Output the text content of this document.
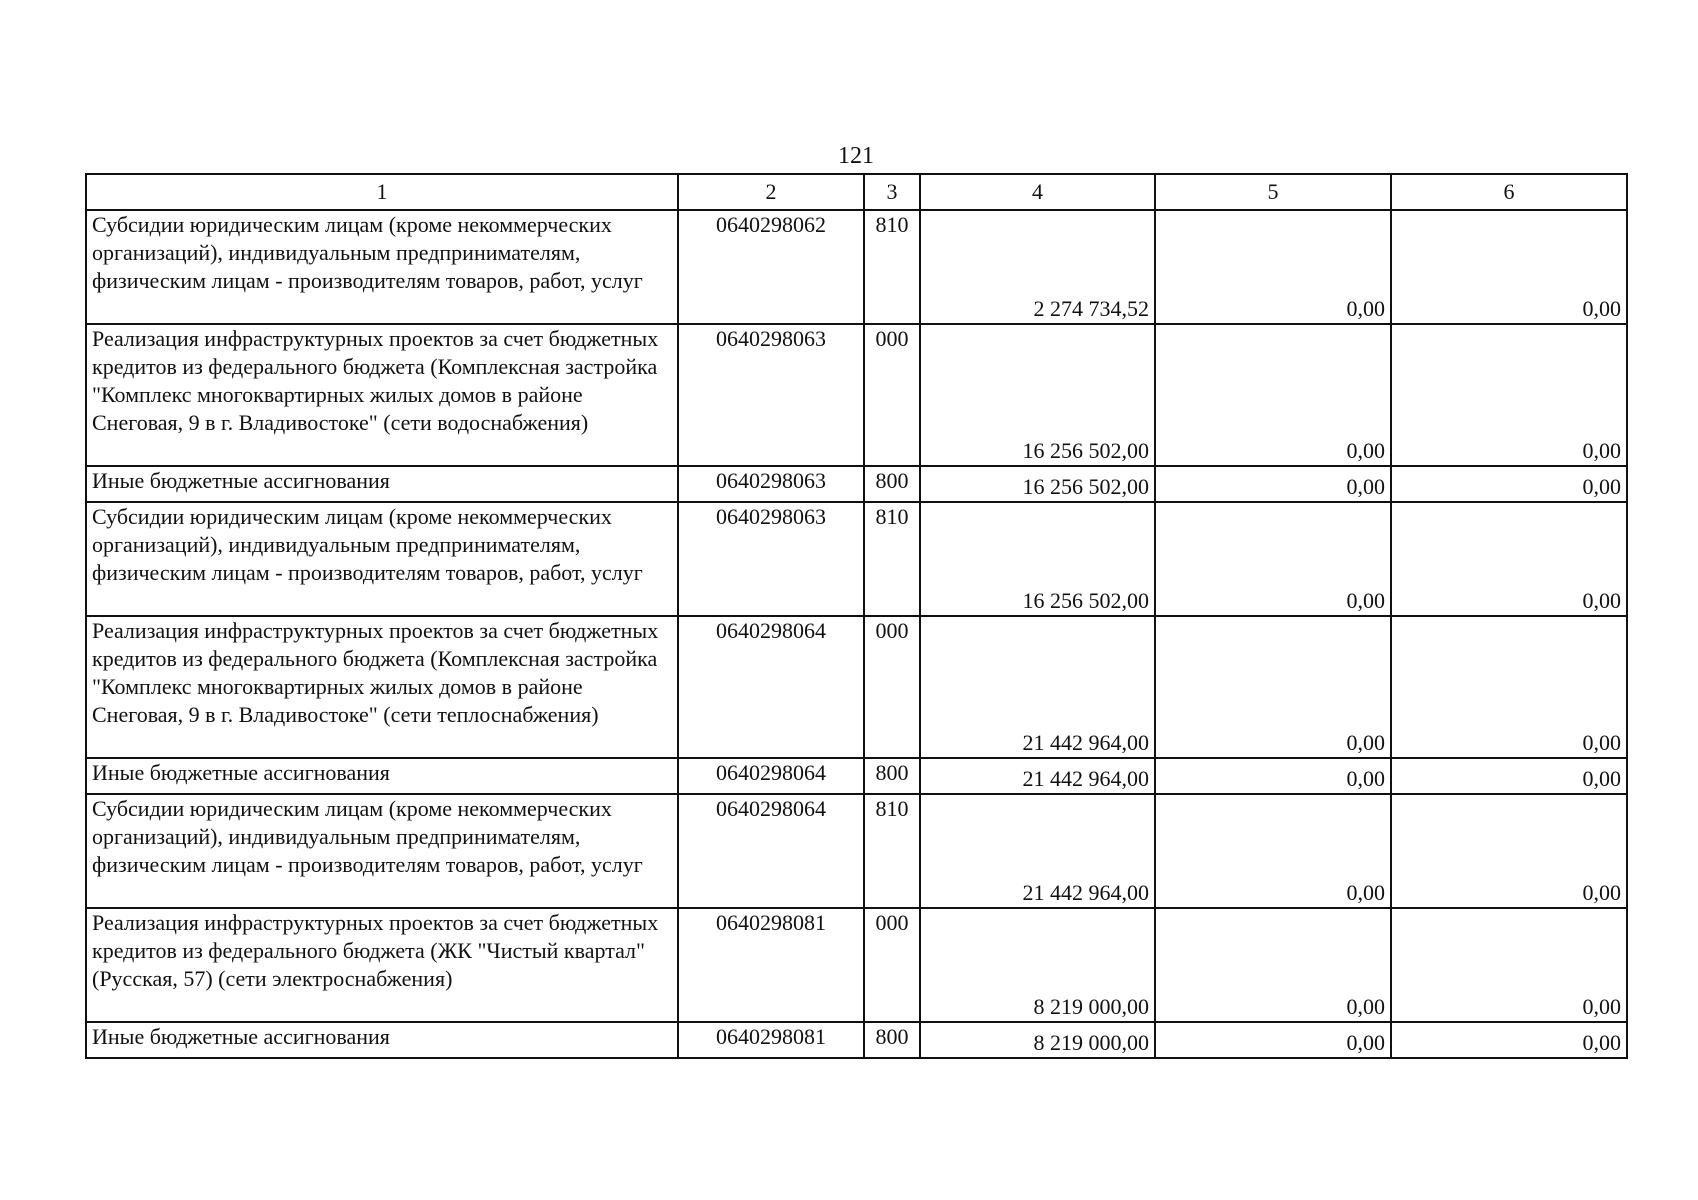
121
1	2	3	4	5	6
Субсидии юридическим лицам (кроме некоммерческих организаций), индивидуальным предпринимателям, физическим лицам - производителям товаров, работ, услуг	0640298062	810	2 274 734,52	0,00	0,00
Реализация инфраструктурных проектов за счет бюджетных кредитов из федерального бюджета (Комплексная застройка "Комплекс многоквартирных жилых домов в районе Снеговая, 9 в г. Владивостоке" (сети водоснабжения)	0640298063	000	16 256 502,00	0,00	0,00
Иные бюджетные ассигнования	0640298063	800	16 256 502,00	0,00	0,00
Субсидии юридическим лицам (кроме некоммерческих организаций), индивидуальным предпринимателям, физическим лицам - производителям товаров, работ, услуг	0640298063	810	16 256 502,00	0,00	0,00
Реализация инфраструктурных проектов за счет бюджетных кредитов из федерального бюджета (Комплексная застройка "Комплекс многоквартирных жилых домов в районе Снеговая, 9 в г. Владивостоке" (сети теплоснабжения)	0640298064	000	21 442 964,00	0,00	0,00
Иные бюджетные ассигнования	0640298064	800	21 442 964,00	0,00	0,00
Субсидии юридическим лицам (кроме некоммерческих организаций), индивидуальным предпринимателям, физическим лицам - производителям товаров, работ, услуг	0640298064	810	21 442 964,00	0,00	0,00
Реализация инфраструктурных проектов за счет бюджетных кредитов из федерального бюджета (ЖК "Чистый квартал" (Русская, 57) (сети электроснабжения)	0640298081	000	8 219 000,00	0,00	0,00
Иные бюджетные ассигнования	0640298081	800	8 219 000,00	0,00	0,00
